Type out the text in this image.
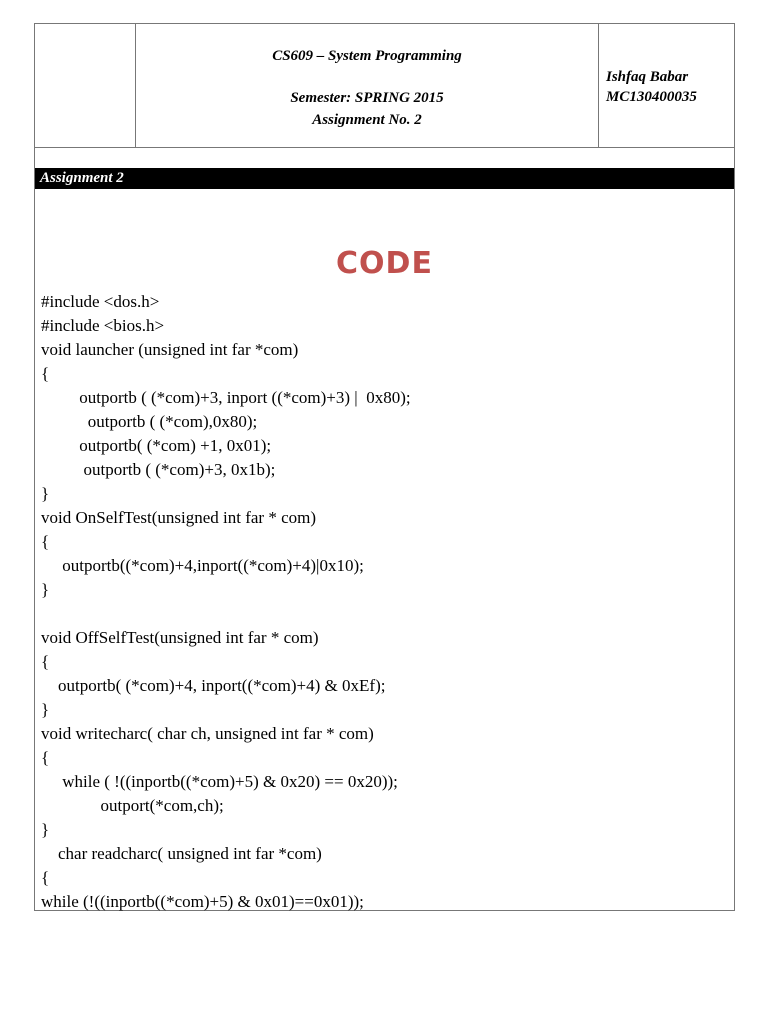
CS609 – System Programming
Semester: SPRING 2015
Assignment No. 2
Ishfaq Babar
MC130400035
Assignment 2
CODE
#include <dos.h>
#include <bios.h>
void launcher (unsigned int far *com)
{
outportb ( (*com)+3, inport ((*com)+3) |  0x80);
outportb ( (*com),0x80);
outportb( (*com) +1, 0x01);
outportb ( (*com)+3, 0x1b);
}
void OnSelfTest(unsigned int far * com)
{
outportb((*com)+4,inport((*com)+4)|0x10);
}
void OffSelfTest(unsigned int far * com)
{
outportb( (*com)+4, inport((*com)+4) & 0xEf);
}
void writecharc( char ch, unsigned int far * com)
{
while ( !((inportb((*com)+5) & 0x20) == 0x20));
outport(*com,ch);
}
char readcharc( unsigned int far *com)
{
while (!((inportb((*com)+5) & 0x01)==0x01));
